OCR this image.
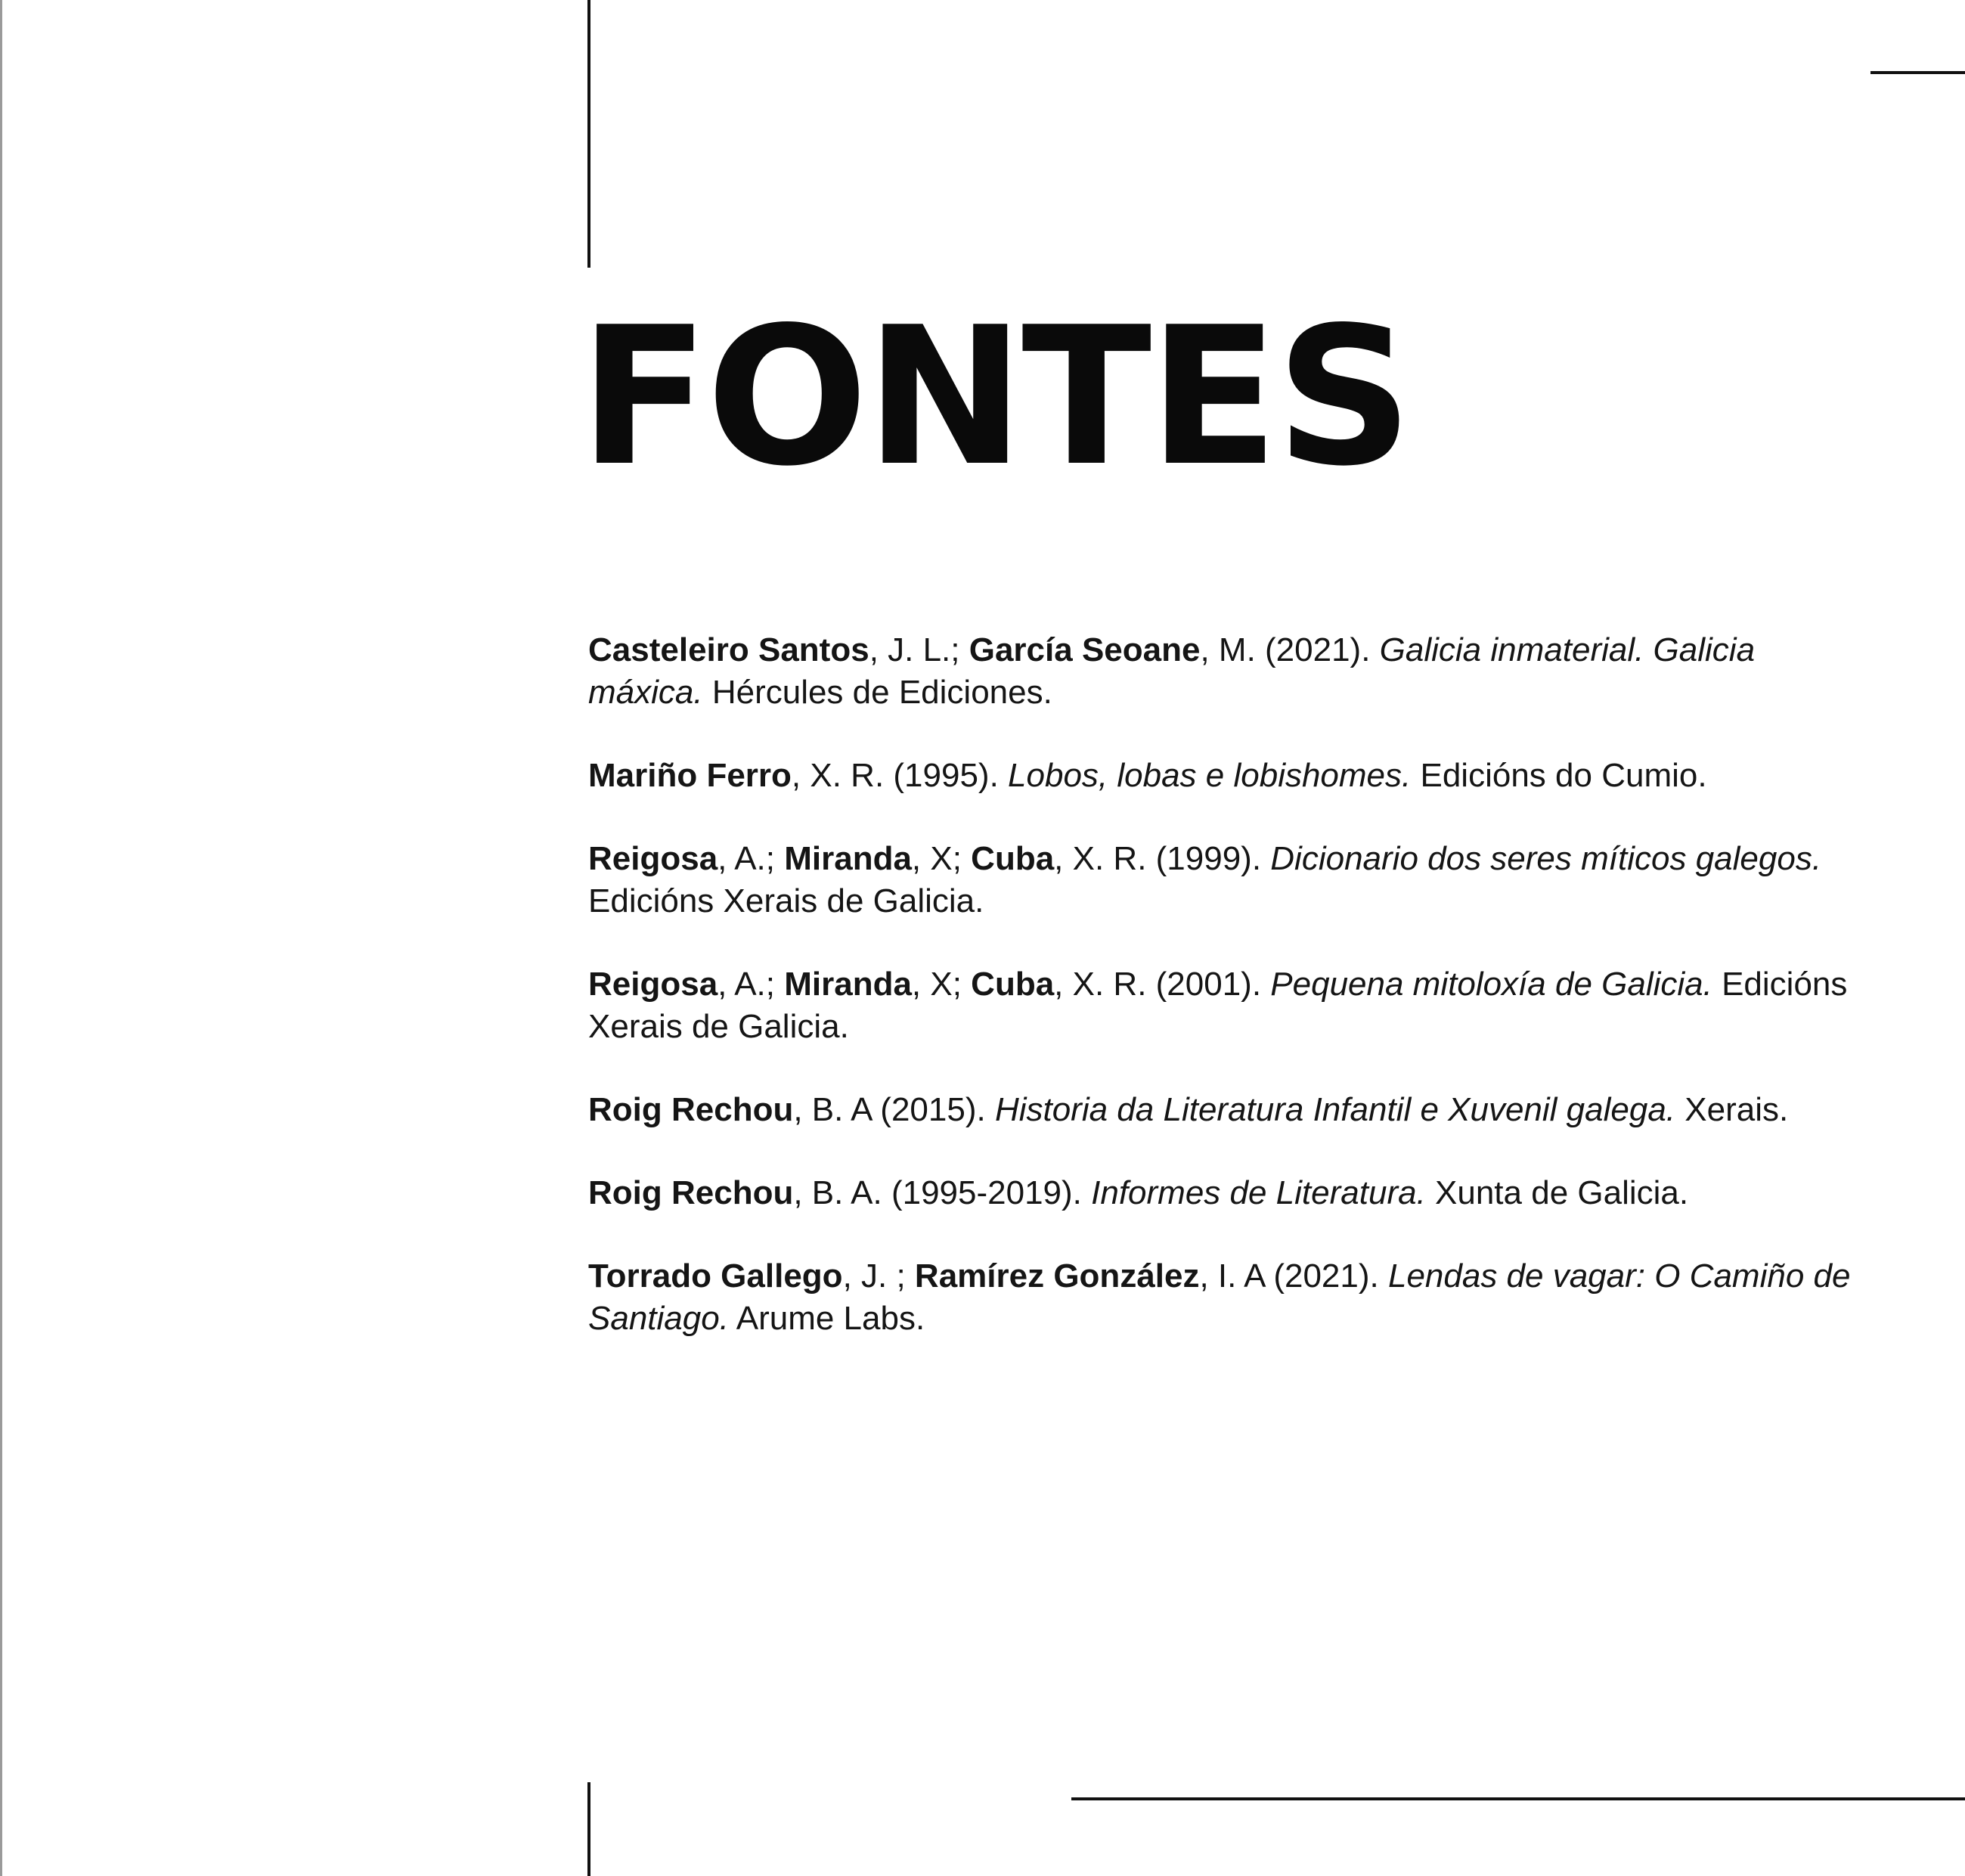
FONTES
Casteleiro Santos, J. L.; García Seoane, M. (2021). Galicia inmaterial. Galicia máxica. Hércules de Ediciones.
Mariño Ferro, X. R. (1995). Lobos, lobas e lobishomes. Edicións do Cumio.
Reigosa, A.; Miranda, X; Cuba, X. R. (1999). Dicionario dos seres míticos galegos. Edicións Xerais de Galicia.
Reigosa, A.; Miranda, X; Cuba, X. R. (2001). Pequena mitoloxía de Galicia. Edicións Xerais de Galicia.
Roig Rechou, B. A (2015). Historia da Literatura Infantil e Xuvenil galega. Xerais.
Roig Rechou, B. A. (1995-2019). Informes de Literatura. Xunta de Galicia.
Torrado Gallego, J. ; Ramírez González, I. A (2021). Lendas de vagar: O Camiño de Santiago. Arume Labs.
